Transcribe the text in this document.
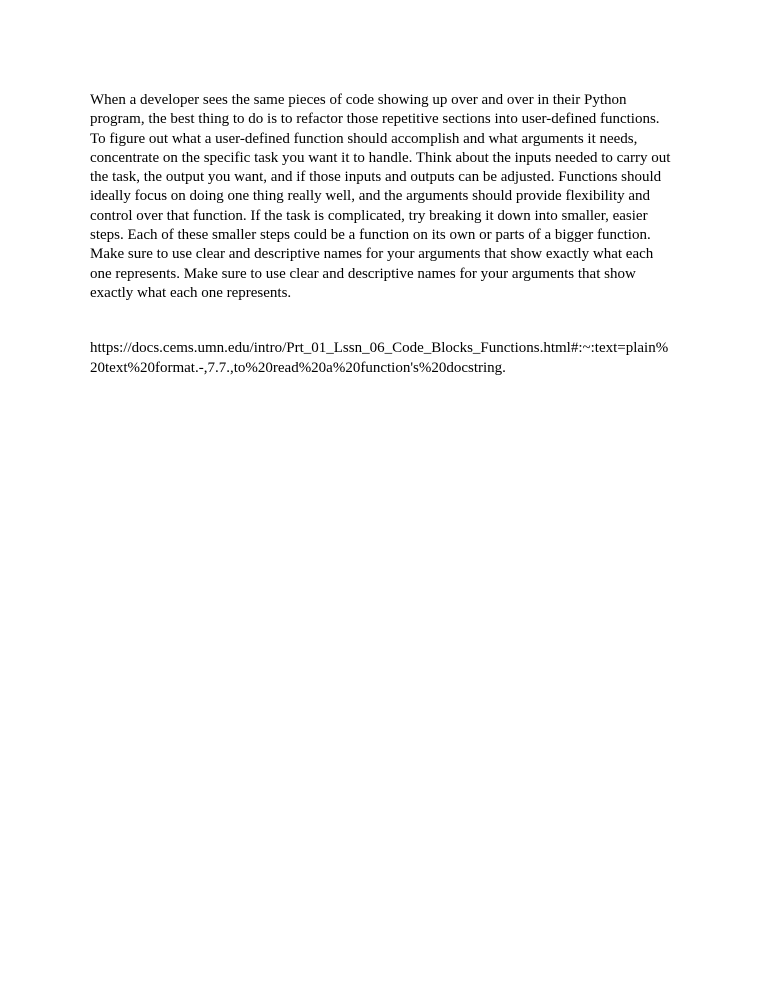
When a developer sees the same pieces of code showing up over and over in their Python
program, the best thing to do is to refactor those repetitive sections into user-defined functions.
To figure out what a user-defined function should accomplish and what arguments it needs,
concentrate on the specific task you want it to handle. Think about the inputs needed to carry out
the task, the output you want, and if those inputs and outputs can be adjusted. Functions should
ideally focus on doing one thing really well, and the arguments should provide flexibility and
control over that function. If the task is complicated, try breaking it down into smaller, easier
steps. Each of these smaller steps could be a function on its own or parts of a bigger function.
Make sure to use clear and descriptive names for your arguments that show exactly what each
one represents. Make sure to use clear and descriptive names for your arguments that show
exactly what each one represents.

https://docs.cems.umn.edu/intro/Prt_01_Lssn_06_Code_Blocks_Functions.html#:~:text=plain%
20text%20format.-,7.7.,to%20read%20a%20function's%20docstring.
